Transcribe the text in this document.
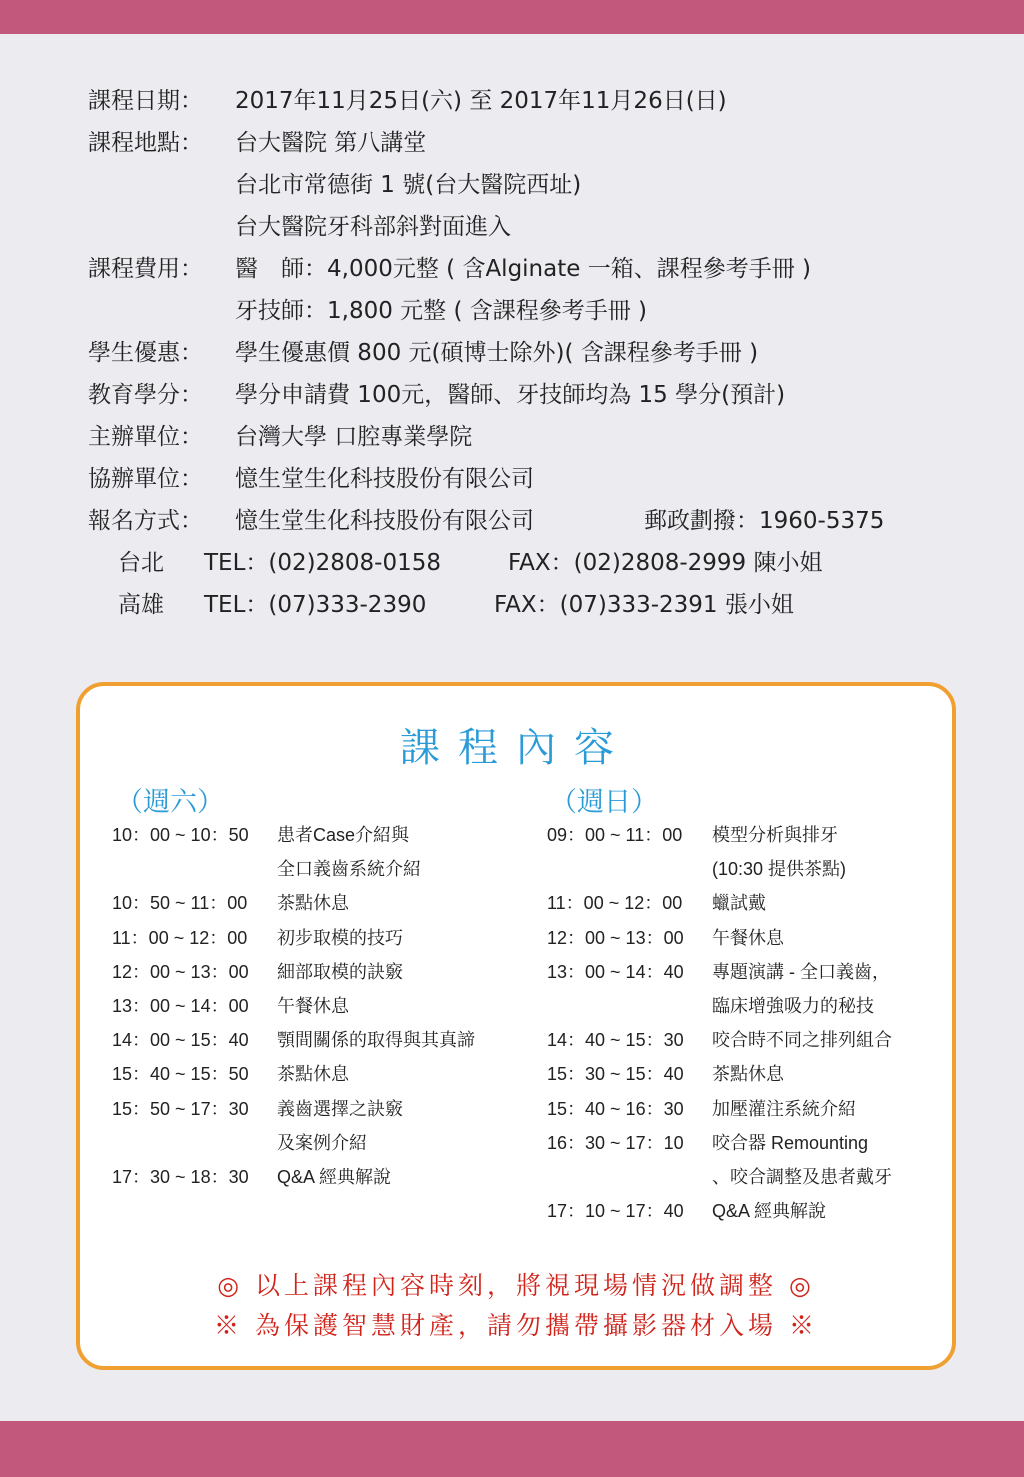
課程日期： 2017年11月25日(六) 至 2017年11月26日(日)
課程地點： 台大醫院 第八講堂
台北市常德街 1 號(台大醫院西址)
台大醫院牙科部斜對面進入
課程費用： 醫　師：4,000元整 ( 含Alginate 一箱、課程參考手冊 )
牙技師：1,800 元整 ( 含課程參考手冊 )
學生優惠： 學生優惠價 800 元(碩博士除外)( 含課程參考手冊 )
教育學分： 學分申請費 100元，醫師、牙技師均為 15 學分(預計)
主辦單位： 台灣大學 口腔專業學院
協辦單位： 憶生堂生化科技股份有限公司
報名方式： 憶生堂生化科技股份有限公司	郵政劃撥：1960-5375
台北 TEL：(02)2808-0158	FAX：(02)2808-2999 陳小姐
高雄 TEL：(07)333-2390	FAX：(07)333-2391 張小姐
課程內容
（週六）	（週日）
10：00 ~ 10：50 患者Case介紹與
全口義齒系統介紹
10：50 ~ 11：00 茶點休息
11：00 ~ 12：00 初步取模的技巧
12：00 ~ 13：00 細部取模的訣竅
13：00 ~ 14：00 午餐休息
14：00 ~ 15：40 顎間關係的取得與其真諦
15：40 ~ 15：50 茶點休息
15：50 ~ 17：30 義齒選擇之訣竅
及案例介紹
17：30 ~ 18：30 Q&A 經典解說
09：00 ~ 11：00 模型分析與排牙
(10:30 提供茶點)
11：00 ~ 12：00 蠟試戴
12：00 ~ 13：00 午餐休息
13：00 ~ 14：40 專題演講 - 全口義齒，
臨床增強吸力的秘技
14：40 ~ 15：30 咬合時不同之排列組合
15：30 ~ 15：40 茶點休息
15：40 ~ 16：30 加壓灌注系統介紹
16：30 ~ 17：10 咬合器 Remounting
、咬合調整及患者戴牙
17：10 ~ 17：40 Q&A 經典解說
◎ 以上課程內容時刻，將視現場情況做調整 ◎
※ 為保護智慧財產，請勿攜帶攝影器材入場 ※
